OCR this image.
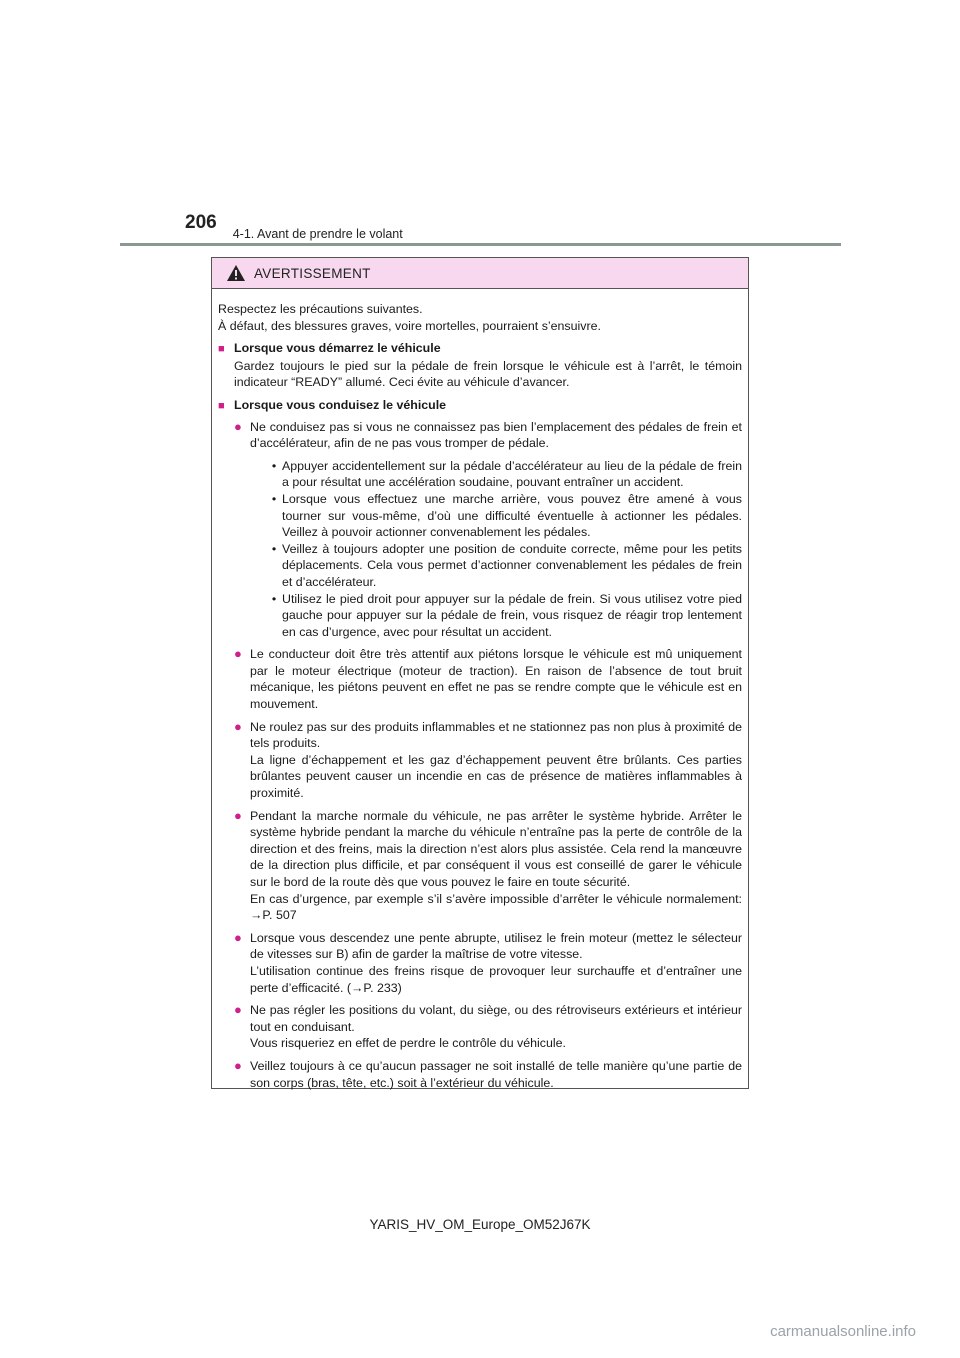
206
4-1. Avant de prendre le volant
AVERTISSEMENT

Respectez les précautions suivantes.

À défaut, des blessures graves, voire mortelles, pourraient s’ensuivre.

■ Lorsque vous démarrez le véhicule

Gardez toujours le pied sur la pédale de frein lorsque le véhicule est à l’arrêt, le témoin indicateur “READY” allumé. Ceci évite au véhicule d’avancer.

■ Lorsque vous conduisez le véhicule
● Ne conduisez pas si vous ne connaissez pas bien l’emplacement des pédales de frein et d’accélérateur, afin de ne pas vous tromper de pédale.

• Appuyer accidentellement sur la pédale d’accélérateur au lieu de la pédale de frein a pour résultat une accélération soudaine, pouvant entraîner un accident.
• Lorsque vous effectuez une marche arrière, vous pouvez être amené à vous tourner sur vous-même, d’où une difficulté éventuelle à actionner les pédales. Veillez à pouvoir actionner convenablement les pédales.
• Veillez à toujours adopter une position de conduite correcte, même pour les petits déplacements. Cela vous permet d’actionner convenablement les pédales de frein et d’accélérateur.
• Utilisez le pied droit pour appuyer sur la pédale de frein. Si vous utilisez votre pied gauche pour appuyer sur la pédale de frein, vous risquez de réagir trop lentement en cas d’urgence, avec pour résultat un accident.
● Le conducteur doit être très attentif aux piétons lorsque le véhicule est mû uniquement par le moteur électrique (moteur de traction). En raison de l’absence de tout bruit mécanique, les piétons peuvent en effet ne pas se rendre compte que le véhicule est en mouvement.

● Ne roulez pas sur des produits inflammables et ne stationnez pas non plus à proximité de tels produits.

La ligne d’échappement et les gaz d’échappement peuvent être brûlants. Ces parties brûlantes peuvent causer un incendie en cas de présence de matières inflammables à proximité.

● Pendant la marche normale du véhicule, ne pas arrêter le système hybride. Arrêter le système hybride pendant la marche du véhicule n’entraîne pas la perte de contrôle de la direction et des freins, mais la direction n’est alors plus assistée. Cela rend la manœuvre de la direction plus difficile, et par conséquent il vous est conseillé de garer le véhicule sur le bord de la route dès que vous pouvez le faire en toute sécurité.

En cas d’urgence, par exemple s’il s’avère impossible d’arrêter le véhicule normalement: →P. 507

● Lorsque vous descendez une pente abrupte, utilisez le frein moteur (mettez le sélecteur de vitesses sur B) afin de garder la maîtrise de votre vitesse.

L’utilisation continue des freins risque de provoquer leur surchauffe et d’entraîner une perte d’efficacité. (→P. 233)

● Ne pas régler les positions du volant, du siège, ou des rétroviseurs extérieurs et intérieur tout en conduisant.

Vous risqueriez en effet de perdre le contrôle du véhicule.

● Veillez toujours à ce qu’aucun passager ne soit installé de telle manière qu’une partie de son corps (bras, tête, etc.) soit à l’extérieur du véhicule.

YARIS_HV_OM_Europe_OM52J67K
carmanualsonline.info
